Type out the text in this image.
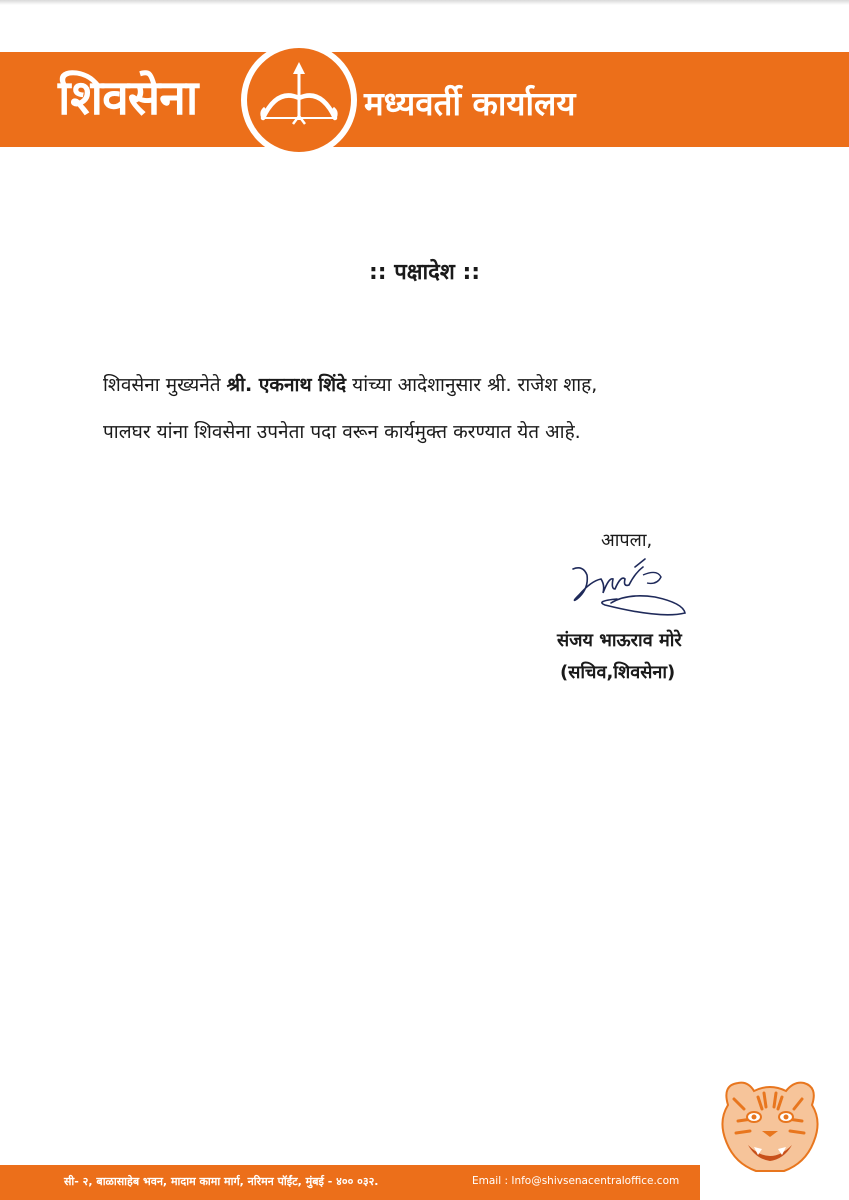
शिवसेना	मध्यवर्ती कार्यालय
:: पक्षादेश ::
शिवसेना मुख्यनेते श्री. एकनाथ शिंदे यांच्या आदेशानुसार श्री. राजेश शाह,
पालघर यांना शिवसेना उपनेता पदा वरून कार्यमुक्त करण्यात येत आहे.
आपला,
संजय भाऊराव मोरे
(सचिव,शिवसेना)
सी- २, बाळासाहेब भवन, मादाम कामा मार्ग, नरिमन पॉईंट, मुंबई - ४०० ०३२.	Email : Info@shivsenacentraloffice.com
